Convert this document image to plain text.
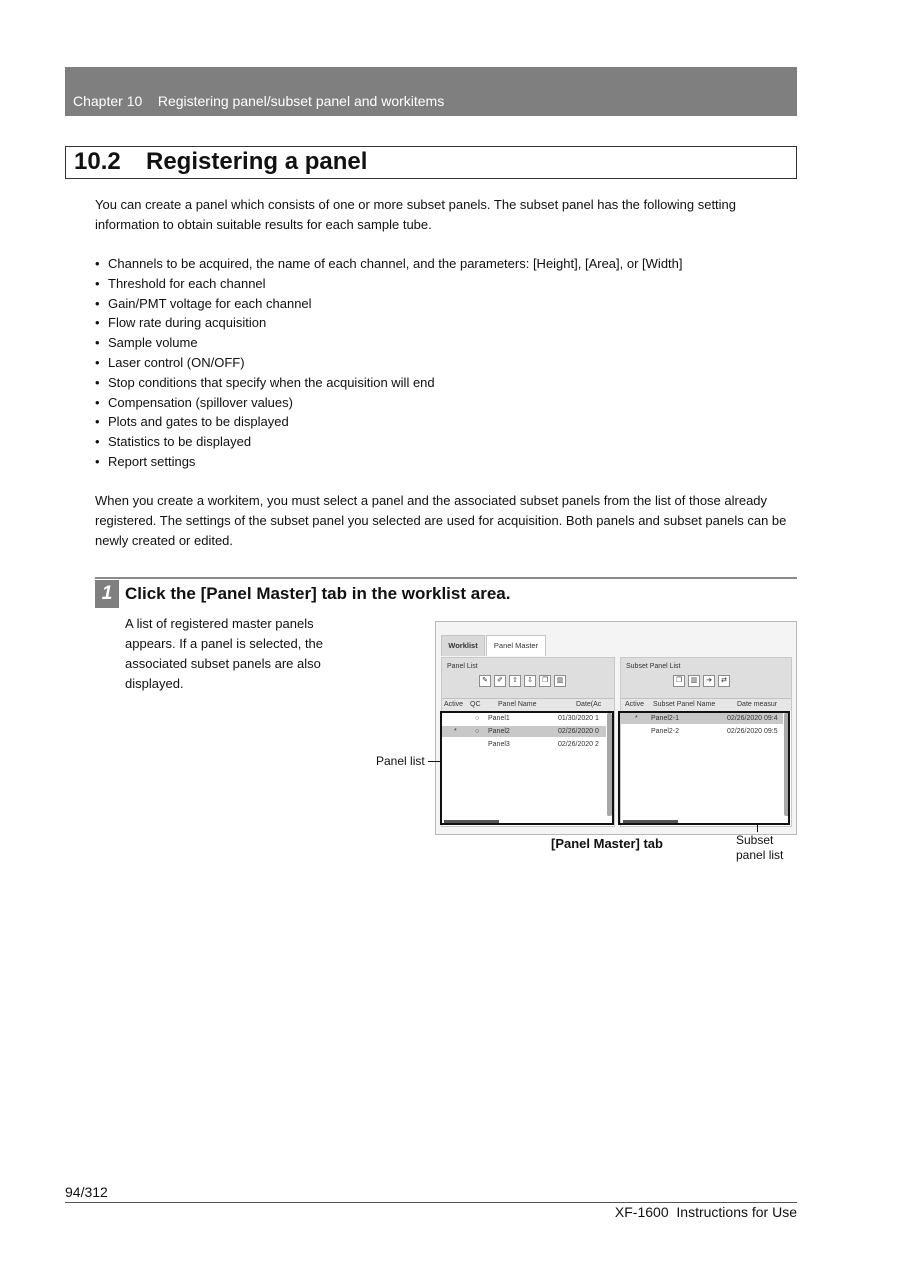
Chapter 10    Registering panel/subset panel and workitems
10.2 Registering a panel
You can create a panel which consists of one or more subset panels. The subset panel has the following setting information to obtain suitable results for each sample tube.
• Channels to be acquired, the name of each channel, and the parameters: [Height], [Area], or [Width]
• Threshold for each channel
• Gain/PMT voltage for each channel
• Flow rate during acquisition
• Sample volume
• Laser control (ON/OFF)
• Stop conditions that specify when the acquisition will end
• Compensation (spillover values)
• Plots and gates to be displayed
• Statistics to be displayed
• Report settings
When you create a workitem, you must select a panel and the associated subset panels from the list of those already registered. The settings of the subset panel you selected are used for acquisition. Both panels and subset panels can be newly created or edited.
1 Click the [Panel Master] tab in the worklist area.
A list of registered master panels appears. If a panel is selected, the associated subset panels are also displayed.
Worklist	Panel Master
Panel List
✎	✐	⇧	⇩	❐	▥
Active QC	Panel Name	Date(Ac
○ Panel1	01/30/2020 1
*	○ Panel2	02/26/2020 0
Panel3	02/26/2020 2
Subset Panel List
❐	▥	➔	⇄
Active Subset Panel Name	Date measur
* Panel2-1	02/26/2020 09:4
Panel2-2	02/26/2020 09:5
Panel list
Subset panel list
[Panel Master] tab
94/312
XF-1600  Instructions for Use
